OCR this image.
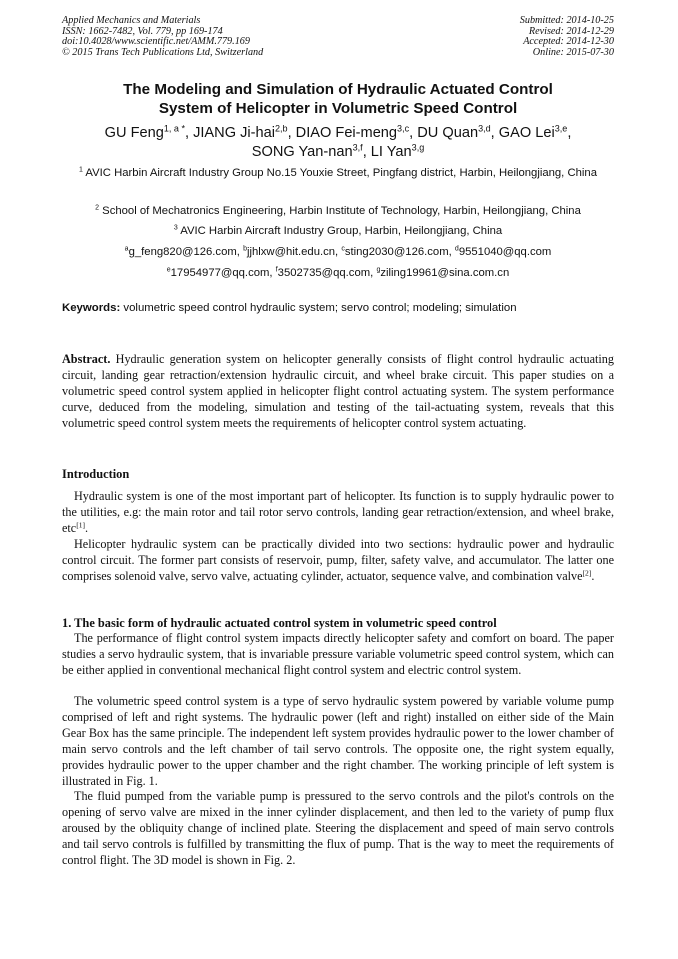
Applied Mechanics and Materials
ISSN: 1662-7482, Vol. 779, pp 169-174
doi:10.4028/www.scientific.net/AMM.779.169
© 2015 Trans Tech Publications Ltd, Switzerland
Submitted: 2014-10-25
Revised: 2014-12-29
Accepted: 2014-12-30
Online: 2015-07-30
The Modeling and Simulation of Hydraulic Actuated Control
System of Helicopter in Volumetric Speed Control
GU Feng$^{1, a *}$, JIANG Ji-hai$^{2,b}$, DIAO Fei-meng$^{3,c}$, DU Quan$^{3,d}$, GAO Lei$^{3,e}$,
SONG Yan-nan$^{3,f}$, LI Yan$^{3,g}$
$^1$ AVIC Harbin Aircraft Industry Group No.15 Youxie Street, Pingfang district, Harbin, Heilongjiang, China
$^2$ School of Mechatronics Engineering, Harbin Institute of Technology, Harbin, Heilongjiang, China
$^3$ AVIC Harbin Aircraft Industry Group, Harbin, Heilongjiang, China
$^a$g_feng820@126.com, $^b$jjhlxw@hit.edu.cn, $^c$sting2030@126.com, $^d$9551040@qq.com
$^e$17954977@qq.com, $^f$3502735@qq.com, $^g$ziling19961@sina.com.cn
Keywords: volumetric speed control hydraulic system; servo control; modeling; simulation
Abstract. Hydraulic generation system on helicopter generally consists of flight control hydraulic actuating circuit, landing gear retraction/extension hydraulic circuit, and wheel brake circuit. This paper studies on a volumetric speed control system applied in helicopter flight control actuating system. The system performance curve, deduced from the modeling, simulation and testing of the tail-actuating system, reveals that this volumetric speed control system meets the requirements of helicopter control system actuating.
Introduction
Hydraulic system is one of the most important part of helicopter. Its function is to supply hydraulic power to the utilities, e.g: the main rotor and tail rotor servo controls, landing gear retraction/extension, and wheel brake, etc[1].
Helicopter hydraulic system can be practically divided into two sections: hydraulic power and hydraulic control circuit. The former part consists of reservoir, pump, filter, safety valve, and accumulator. The latter one comprises solenoid valve, servo valve, actuating cylinder, actuator, sequence valve, and combination valve[2].
1. The basic form of hydraulic actuated control system in volumetric speed control
The performance of flight control system impacts directly helicopter safety and comfort on board. The paper studies a servo hydraulic system, that is invariable pressure variable volumetric speed control system, which can be either applied in conventional mechanical flight control system and electric control system.
The volumetric speed control system is a type of servo hydraulic system powered by variable volume pump comprised of left and right systems. The hydraulic power (left and right) installed on either side of the Main Gear Box has the same principle. The independent left system provides hydraulic power to the lower chamber of main servo controls and the left chamber of tail servo controls. The opposite one, the right system equally, provides hydraulic power to the upper chamber and the right chamber. The working principle of left system is illustrated in Fig. 1.
The fluid pumped from the variable pump is pressured to the servo controls and the pilot's controls on the opening of servo valve are mixed in the inner cylinder displacement, and then led to the variety of pump flux aroused by the obliquity change of inclined plate. Steering the displacement and speed of main servo controls and tail servo controls is fulfilled by transmitting the flux of pump. That is the way to meet the requirements of control flight. The 3D model is shown in Fig. 2.
